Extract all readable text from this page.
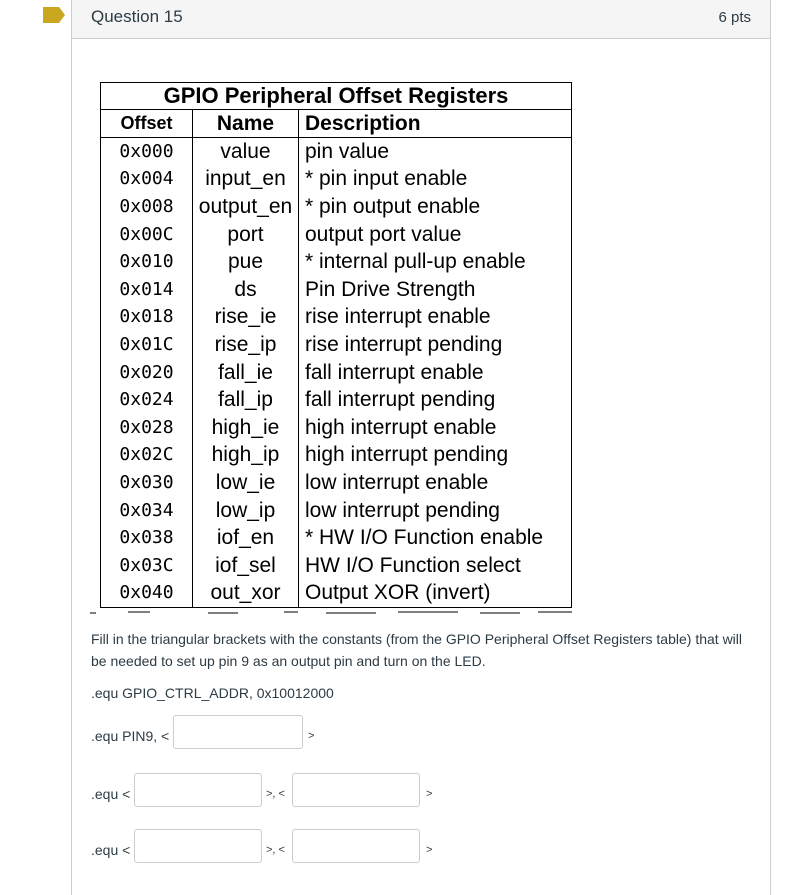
Question 15	6 pts
GPIO Peripheral Offset Registers		
Offset	Name	Description
0x000	value	pin value
0x004	input_en	* pin input enable
0x008	output_en	* pin output enable
0x00C	port	output port value
0x010	pue	* internal pull-up enable
0x014	ds	Pin Drive Strength
0x018	rise_ie	rise interrupt enable
0x01C	rise_ip	rise interrupt pending
0x020	fall_ie	fall interrupt enable
0x024	fall_ip	fall interrupt pending
0x028	high_ie	high interrupt enable
0x02C	high_ip	high interrupt pending
0x030	low_ie	low interrupt enable
0x034	low_ip	low interrupt pending
0x038	iof_en	* HW I/O Function enable
0x03C	iof_sel	HW I/O Function select
0x040	out_xor	Output XOR (invert)
Fill in the triangular brackets with the constants (from the GPIO Peripheral Offset Registers table) that will be needed to set up pin 9 as an output pin and turn on the LED.
.equ GPIO_CTRL_ADDR, 0x10012000
.equ PIN9, <	>
.equ <	>, <	>
.equ <	>, <	>
